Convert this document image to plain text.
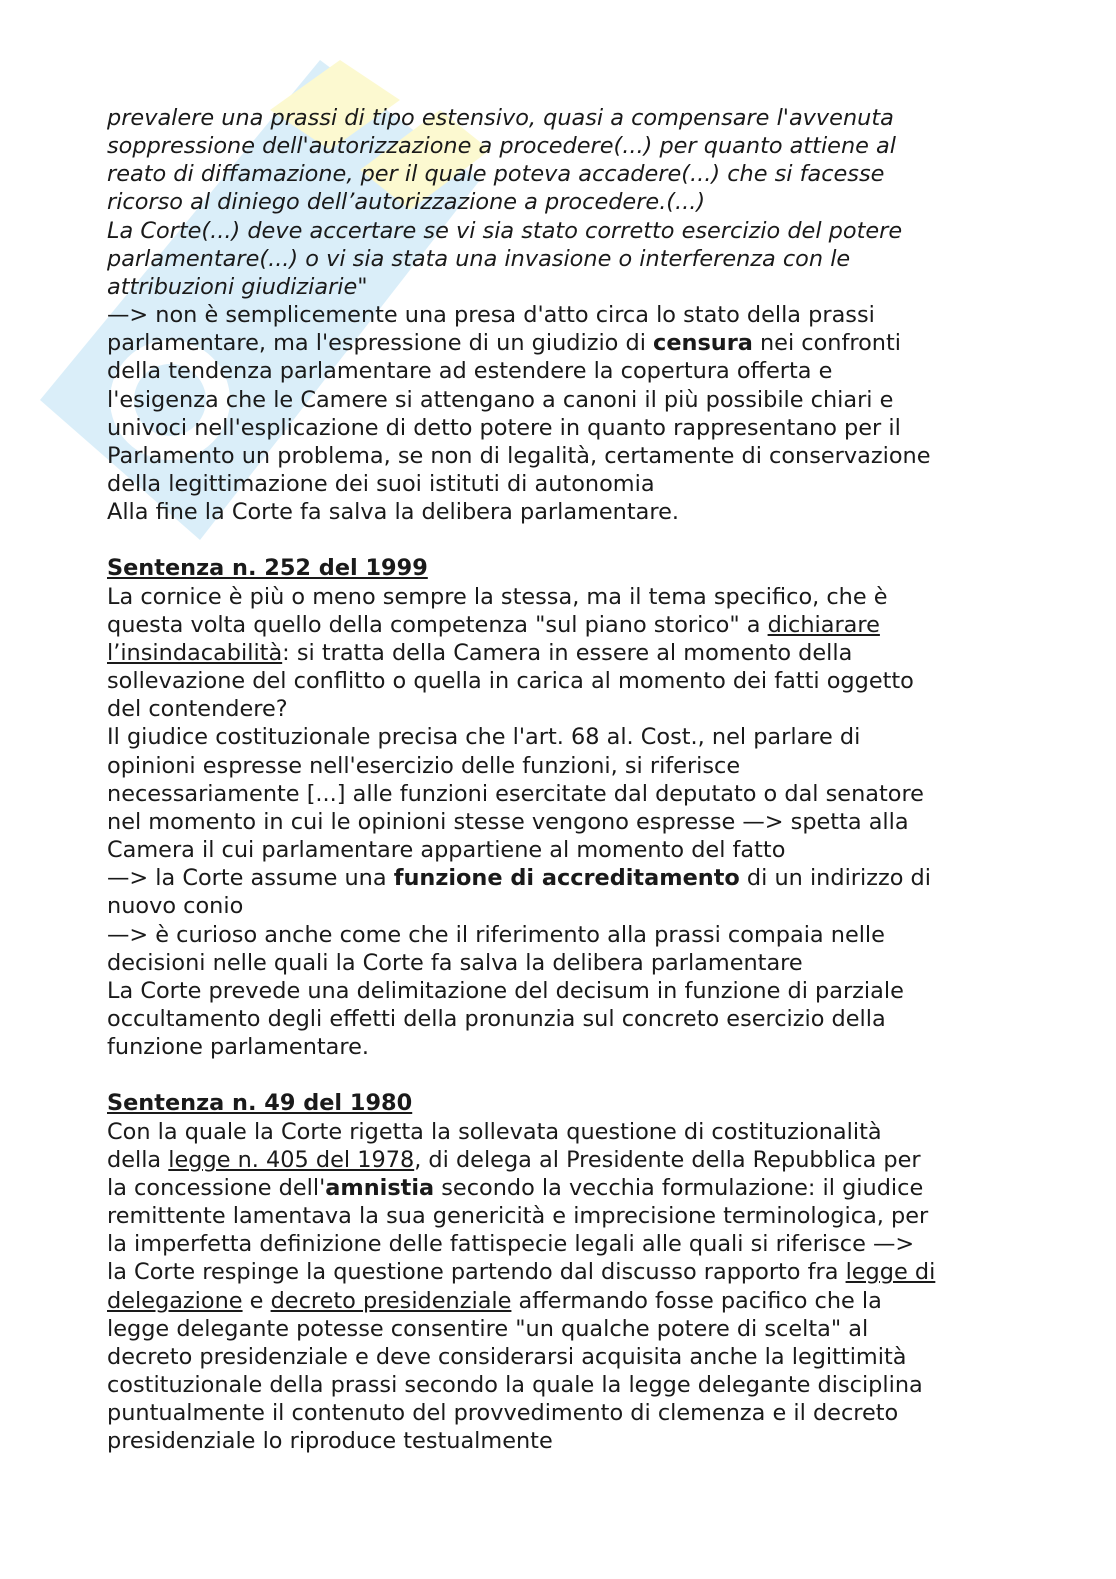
prevalere una prassi di tipo estensivo, quasi a compensare l'avvenuta
soppressione dell'autorizzazione a procedere(...) per quanto attiene al
reato di diffamazione, per il quale poteva accadere(...) che si facesse
ricorso al diniego dell’autorizzazione a procedere.(...)
La Corte(...) deve accertare se vi sia stato corretto esercizio del potere
parlamentare(...) o vi sia stata una invasione o interferenza con le
attribuzioni giudiziarie"
—> non è semplicemente una presa d'atto circa lo stato della prassi
parlamentare, ma l'espressione di un giudizio di censura nei confronti
della tendenza parlamentare ad estendere la copertura offerta e
l'esigenza che le Camere si attengano a canoni il più possibile chiari e
univoci nell'esplicazione di detto potere in quanto rappresentano per il
Parlamento un problema, se non di legalità, certamente di conservazione
della legittimazione dei suoi istituti di autonomia
Alla fine la Corte fa salva la delibera parlamentare.
Sentenza n. 252 del 1999
La cornice è più o meno sempre la stessa, ma il tema specifico, che è
questa volta quello della competenza "sul piano storico" a dichiarare
l’insindacabilità: si tratta della Camera in essere al momento della
sollevazione del conflitto o quella in carica al momento dei fatti oggetto
del contendere?
Il giudice costituzionale precisa che l'art. 68 al. Cost., nel parlare di
opinioni espresse nell'esercizio delle funzioni, si riferisce
necessariamente [...] alle funzioni esercitate dal deputato o dal senatore
nel momento in cui le opinioni stesse vengono espresse —> spetta alla
Camera il cui parlamentare appartiene al momento del fatto
—> la Corte assume una funzione di accreditamento di un indirizzo di
nuovo conio
—> è curioso anche come che il riferimento alla prassi compaia nelle
decisioni nelle quali la Corte fa salva la delibera parlamentare
La Corte prevede una delimitazione del decisum in funzione di parziale
occultamento degli effetti della pronunzia sul concreto esercizio della
funzione parlamentare.
Sentenza n. 49 del 1980
Con la quale la Corte rigetta la sollevata questione di costituzionalità
della legge n. 405 del 1978, di delega al Presidente della Repubblica per
la concessione dell'amnistia secondo la vecchia formulazione: il giudice
remittente lamentava la sua genericità e imprecisione terminologica, per
la imperfetta definizione delle fattispecie legali alle quali si riferisce —>
la Corte respinge la questione partendo dal discusso rapporto fra legge di
delegazione e decreto presidenziale affermando fosse pacifico che la
legge delegante potesse consentire "un qualche potere di scelta" al
decreto presidenziale e deve considerarsi acquisita anche la legittimità
costituzionale della prassi secondo la quale la legge delegante disciplina
puntualmente il contenuto del provvedimento di clemenza e il decreto
presidenziale lo riproduce testualmente
